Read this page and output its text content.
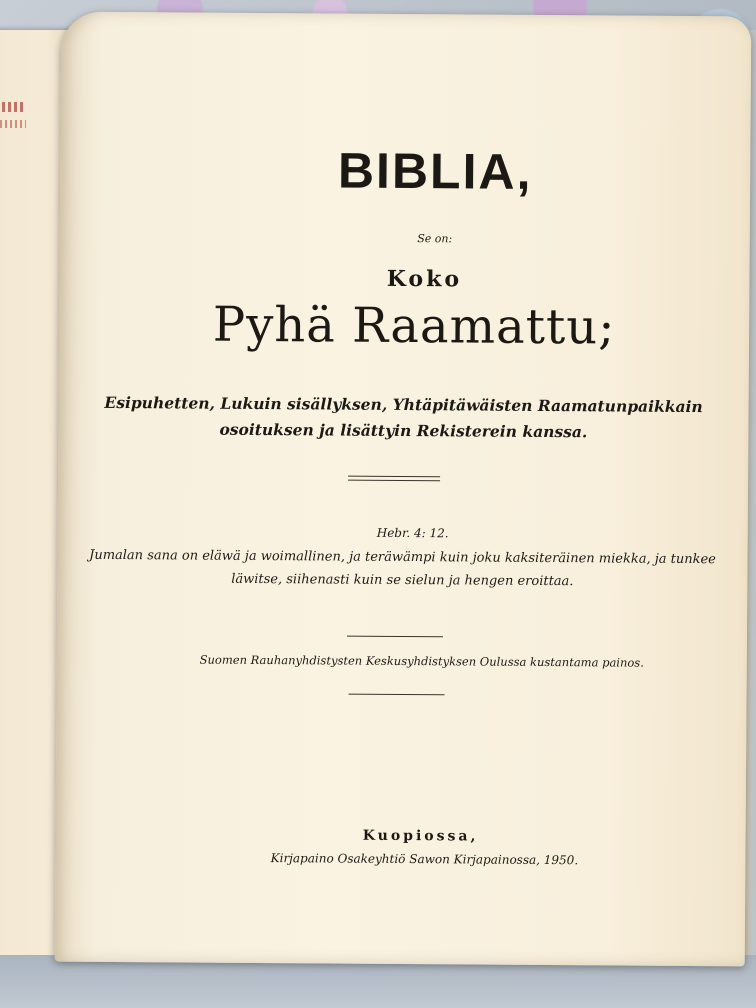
BIBLIA,
Se on:
Koko
Pyhä Raamattu;
Esipuhetten, Lukuin sisällyksen, Yhtäpitäwäisten Raamatunpaikkain osoituksen ja lisättyin Rekisterein kanssa.
Hebr. 4: 12.
Jumalan sana on eläwä ja woimallinen, ja teräwämpi kuin joku kaksiteräinen miekka, ja tunkee läwitse, siihenasti kuin se sielun ja hengen eroittaa.
Suomen Rauhanyhdistysten Keskusyhdistyksen Oulussa kustantama painos.
Kuopiossa,
Kirjapaino Osakeyhtiö Sawon Kirjapainossa, 1950.
